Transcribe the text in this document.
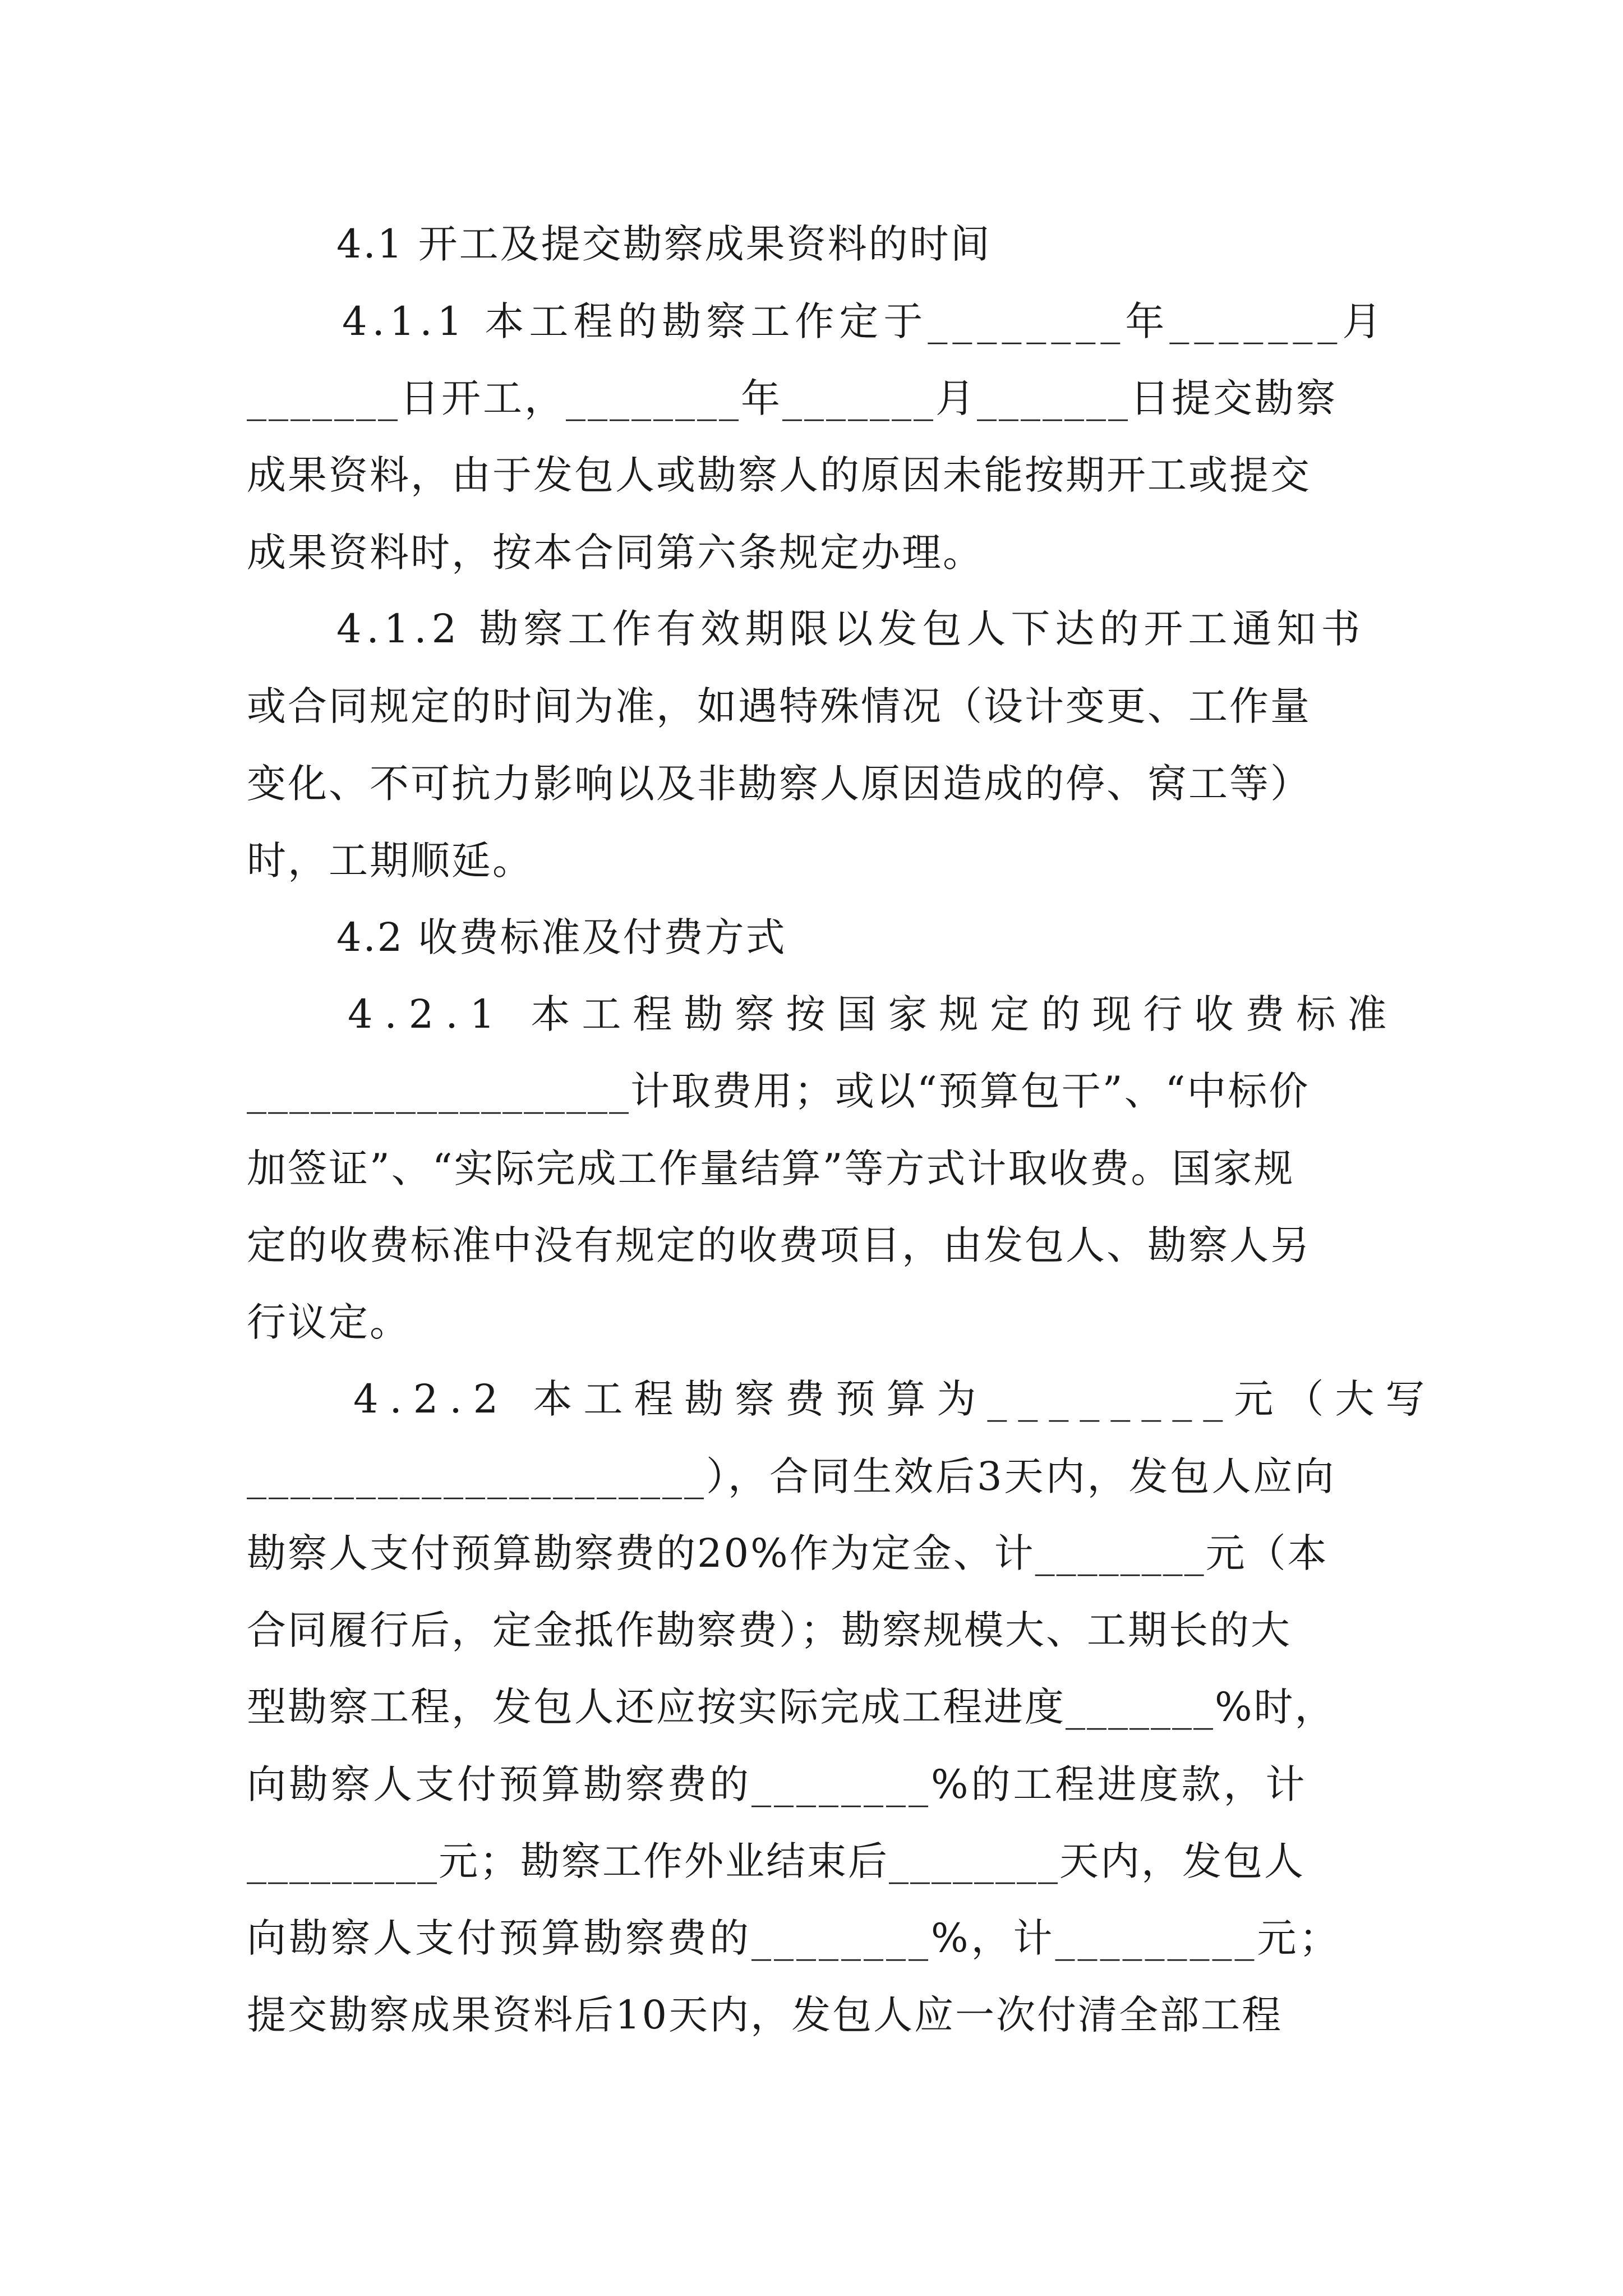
4.1 开工及提交勘察成果资料的时间
4.1.1 本工程的勘察工作定于________年_______月
_______日开工，________年_______月_______日提交勘察
成果资料，由于发包人或勘察人的原因未能按期开工或提交
成果资料时，按本合同第六条规定办理。
4.1.2 勘察工作有效期限以发包人下达的开工通知书
或合同规定的时间为准，如遇特殊情况（设计变更、工作量
变化、不可抗力影响以及非勘察人原因造成的停、窝工等）
时，工期顺延。
4.2 收费标准及付费方式
4.2.1 本工程勘察按国家规定的现行收费标准
__________________计取费用；或以“预算包干”、“中标价
加签证”、“实际完成工作量结算”等方式计取收费。国家规
定的收费标准中没有规定的收费项目，由发包人、勘察人另
行议定。
4.2.2 本工程勘察费预算为________元（大写
_____________________），合同生效后3天内，发包人应向
勘察人支付预算勘察费的20%作为定金、计________元（本
合同履行后，定金抵作勘察费）；勘察规模大、工期长的大
型勘察工程，发包人还应按实际完成工程进度_______%时，
向勘察人支付预算勘察费的________%的工程进度款，计
_________元；勘察工作外业结束后________天内，发包人
向勘察人支付预算勘察费的________%，计_________元；
提交勘察成果资料后10天内，发包人应一次付清全部工程
